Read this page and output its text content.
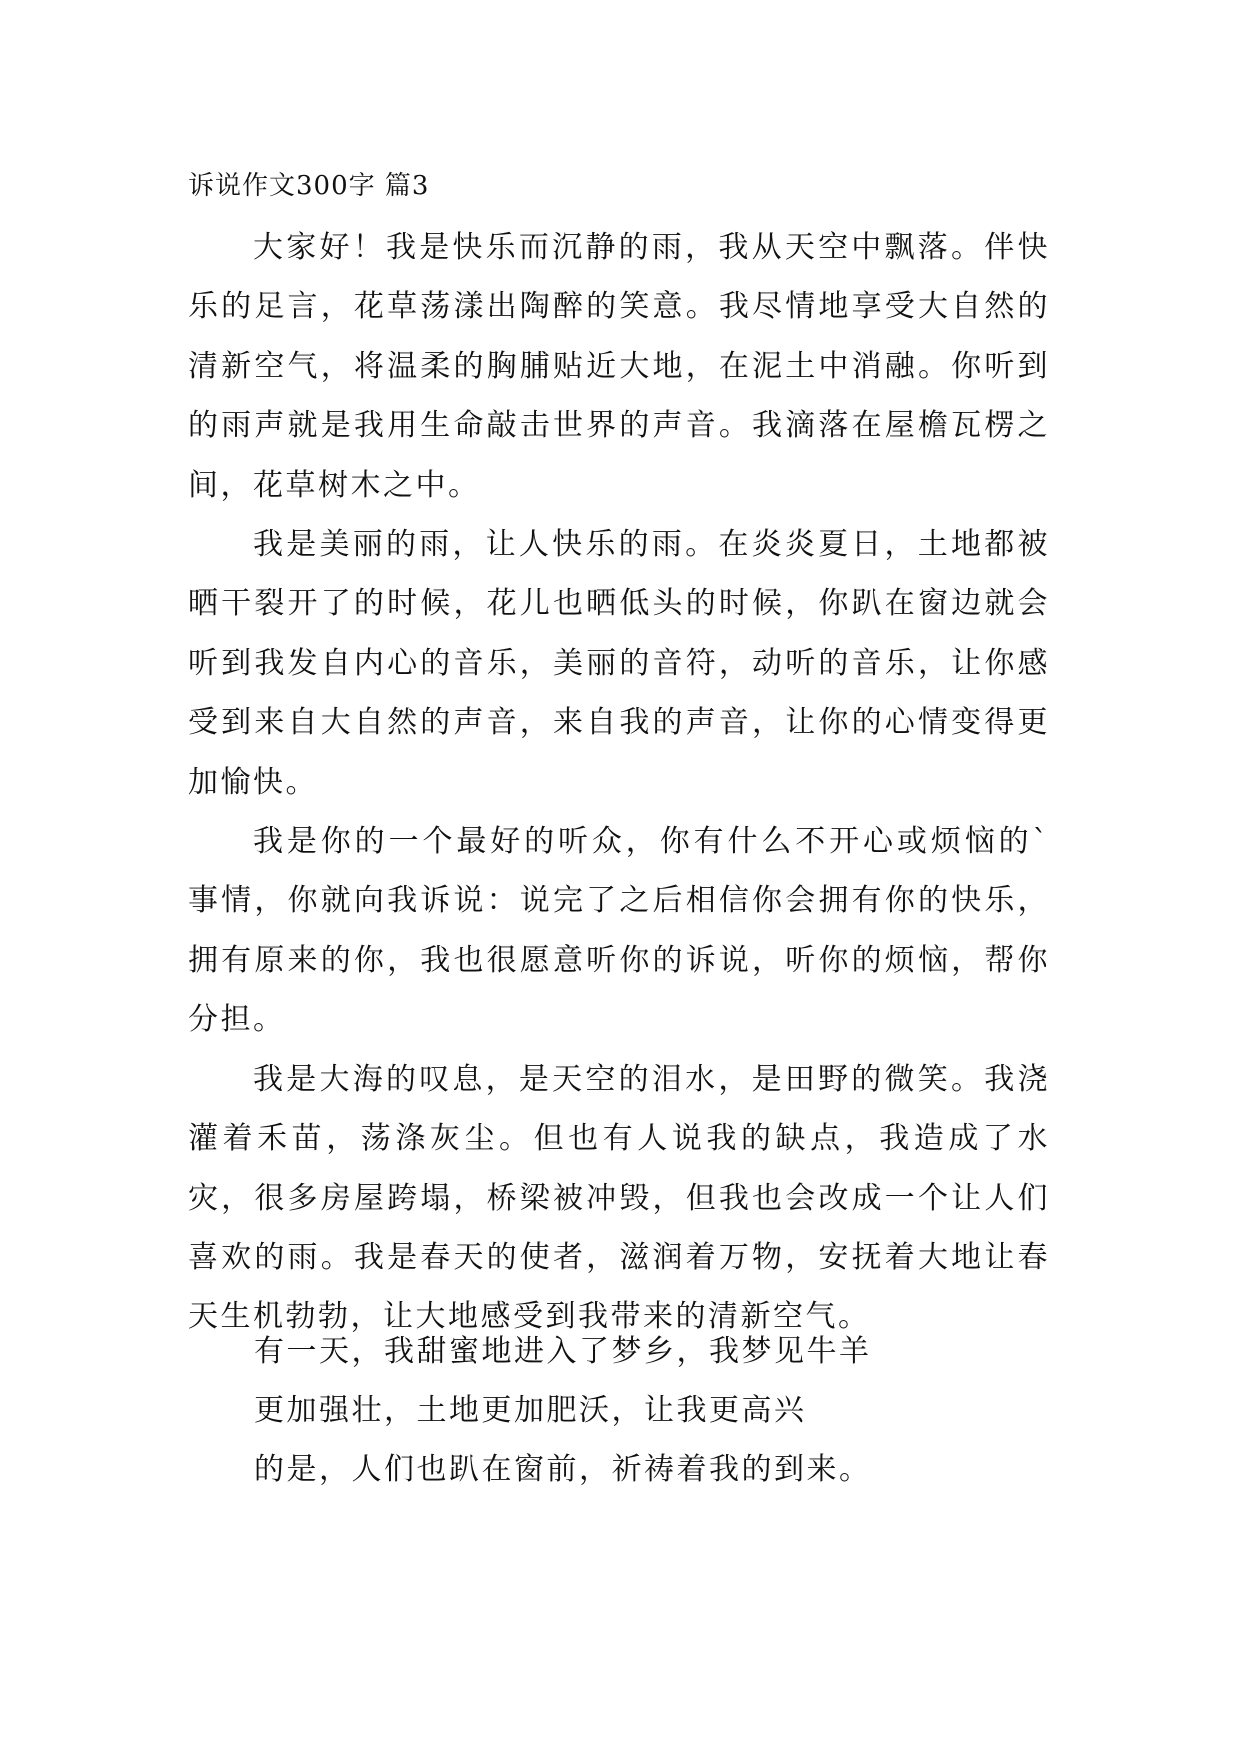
诉说作文300字 篇3

大家好！我是快乐而沉静的雨，我从天空中飘落。伴快乐的足言，花草荡漾出陶醉的笑意。我尽情地享受大自然的清新空气，将温柔的胸脯贴近大地，在泥土中消融。你听到的雨声就是我用生命敲击世界的声音。我滴落在屋檐瓦楞之间，花草树木之中。

我是美丽的雨，让人快乐的雨。在炎炎夏日，土地都被晒干裂开了的时候，花儿也晒低头的时候，你趴在窗边就会听到我发自内心的音乐，美丽的音符，动听的音乐，让你感受到来自大自然的声音，来自我的声音，让你的心情变得更加愉快。

我是你的一个最好的听众，你有什么不开心或烦恼的`事情，你就向我诉说：说完了之后相信你会拥有你的快乐，拥有原来的你，我也很愿意听你的诉说，听你的烦恼，帮你分担。

我是大海的叹息，是天空的泪水，是田野的微笑。我浇灌着禾苗，荡涤灰尘。但也有人说我的缺点，我造成了水灾，很多房屋跨塌，桥梁被冲毁，但我也会改成一个让人们喜欢的雨。我是春天的使者，滋润着万物，安抚着大地让春天生机勃勃，让大地感受到我带来的清新空气。

有一天，我甜蜜地进入了梦乡，我梦见牛羊
更加强壮，土地更加肥沃，让我更高兴
的是，人们也趴在窗前，祈祷着我的到来。
